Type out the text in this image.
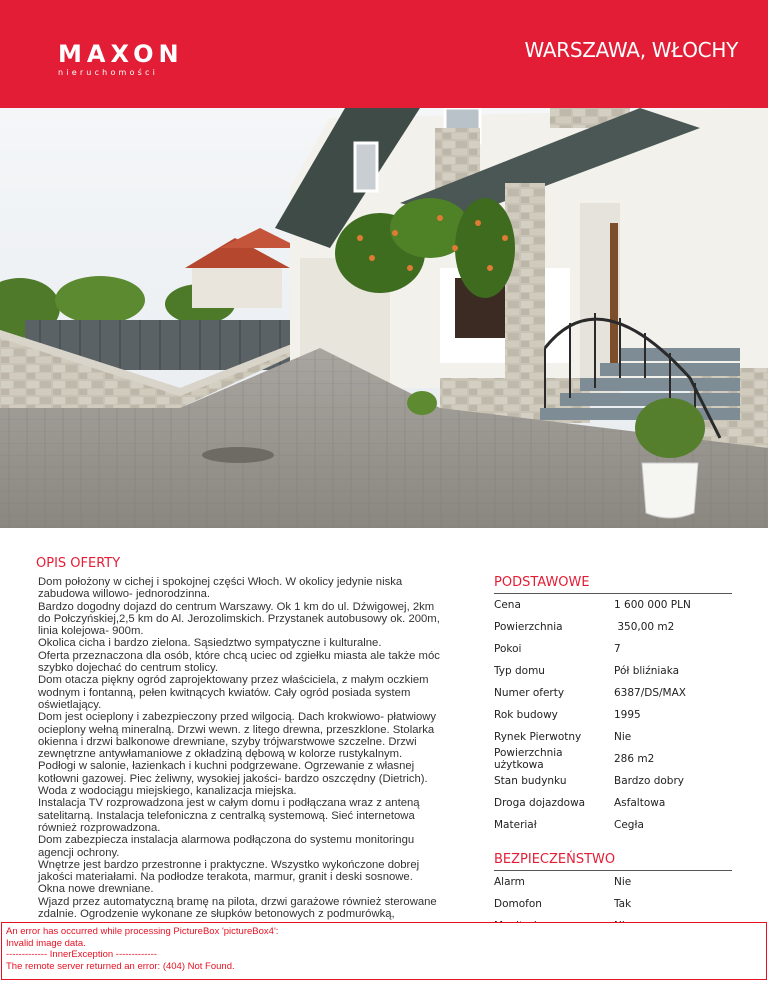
MAXON
nieruchomości
WARSZAWA, WŁOCHY
OPIS OFERTY
Dom położony w cichej i spokojnej części Włoch. W okolicy jedynie niska
zabudowa willowo- jednorodzinna.
Bardzo dogodny dojazd do centrum Warszawy. Ok 1 km do ul. Dźwigowej, 2km
do Połczyńskiej,2,5 km do Al. Jerozolimskich. Przystanek autobusowy ok. 200m,
linia kolejowa- 900m.
Okolica cicha i bardzo zielona. Sąsiedztwo sympatyczne i kulturalne.
Oferta przeznaczona dla osób, które chcą uciec od zgiełku miasta ale także móc
szybko dojechać do centrum stolicy.
Dom otacza piękny ogród zaprojektowany przez właściciela, z małym oczkiem
wodnym i fontanną, pełen kwitnących kwiatów. Cały ogród posiada system
oświetlający.
Dom jest ocieplony i zabezpieczony przed wilgocią. Dach krokwiowo- płatwiowy
ocieplony wełną mineralną. Drzwi wewn. z litego drewna, przeszklone. Stolarka
okienna i drzwi balkonowe drewniane, szyby trójwarstwowe szczelne. Drzwi
zewnętrzne antywłamaniowe z okładziną dębową w kolorze rustykalnym.
Podłogi w salonie, łazienkach i kuchni podgrzewane. Ogrzewanie z własnej
kotłowni gazowej. Piec żeliwny, wysokiej jakości- bardzo oszczędny (Dietrich).
Woda z wodociągu miejskiego, kanalizacja miejska.
Instalacja TV rozprowadzona jest w całym domu i podłączana wraz z anteną
satelitarną. Instalacja telefoniczna z centralką systemową. Sieć internetowa
również rozprowadzona.
Dom zabezpiecza instalacja alarmowa podłączona do systemu monitoringu
agencji ochrony.
Wnętrze jest bardzo przestronne i praktyczne. Wszystko wykończone dobrej
jakości materiałami. Na podłodze terakota, marmur, granit i deski sosnowe.
Okna nowe drewniane.
Wjazd przez automatyczną bramę na pilota, drzwi garażowe również sterowane
zdalnie. Ogrodzenie wykonane ze słupków betonowych z podmurówką,
PODSTAWOWE
Cena	1 600 000 PLN
Powierzchnia	350,00 m2
Pokoi	7
Typ domu	Pół bliźniaka
Numer oferty	6387/DS/MAX
Rok budowy	1995
Rynek Pierwotny	Nie
Powierzchnia użytkowa	286 m2
Stan budynku	Bardzo dobry
Droga dojazdowa	Asfaltowa
Materiał	Cegła
BEZPIECZEŃSTWO
Alarm	Nie
Domofon	Tak
An error has occurred while processing PictureBox 'pictureBox4':
Invalid image data.
------------- InnerException -------------
The remote server returned an error: (404) Not Found.
